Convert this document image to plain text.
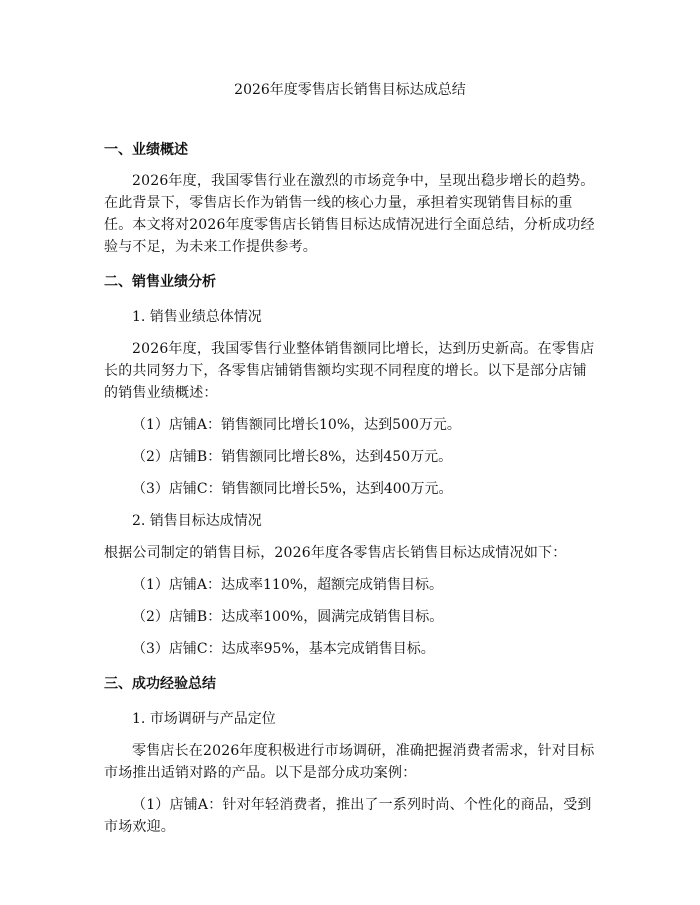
2026年度零售店长销售目标达成总结

一、业绩概述

2026年度，我国零售行业在激烈的市场竞争中，呈现出稳步增长的趋势。在此背景下，零售店长作为销售一线的核心力量，承担着实现销售目标的重任。本文将对2026年度零售店长销售目标达成情况进行全面总结，分析成功经验与不足，为未来工作提供参考。

二、销售业绩分析

1. 销售业绩总体情况

2026年度，我国零售行业整体销售额同比增长，达到历史新高。在零售店长的共同努力下，各零售店铺销售额均实现不同程度的增长。以下是部分店铺的销售业绩概述：

（1）店铺A：销售额同比增长10%，达到500万元。

（2）店铺B：销售额同比增长8%，达到450万元。

（3）店铺C：销售额同比增长5%，达到400万元。

2. 销售目标达成情况

根据公司制定的销售目标，2026年度各零售店长销售目标达成情况如下：

（1）店铺A：达成率110%，超额完成销售目标。

（2）店铺B：达成率100%，圆满完成销售目标。

（3）店铺C：达成率95%，基本完成销售目标。

三、成功经验总结

1. 市场调研与产品定位

零售店长在2026年度积极进行市场调研，准确把握消费者需求，针对目标市场推出适销对路的产品。以下是部分成功案例：

（1）店铺A：针对年轻消费者，推出了一系列时尚、个性化的商品，受到市场欢迎。
